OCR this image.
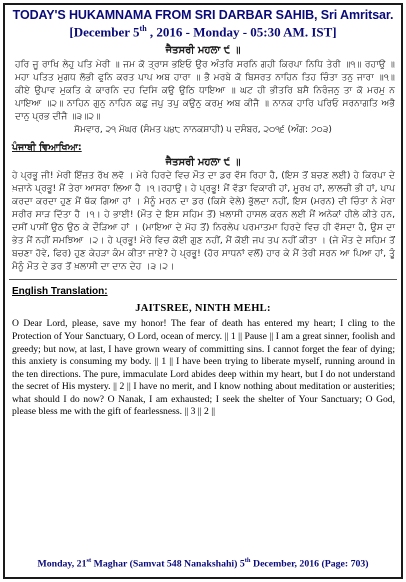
TODAY'S HUKAMNAMA FROM SRI DARBAR SAHIB, Sri Amritsar.
[December 5th , 2016 - Monday - 05:30 AM. IST]
ਜੈਤਸਰੀ ਮਹਲਾ ੯ ॥
ਹਰਿ ਜੂ ਰਾਖਿ ਲੇਹੁ ਪਤਿ ਮੇਰੀ ॥ ਜਮ ਕੋ ਤ੍ਰਾਸ ਭਇਓ ਉਰ ਅੰਤਰਿ ਸਰਨਿ ਗਹੀ ਕਿਰਪਾ ਨਿਧਿ ਤੇਰੀ ॥੧॥ ਰਹਾਉ ॥ ਮਹਾ ਪਤਿਤ ਮੁਗਧ ਲੋਭੀ ਫੁਨਿ ਕਰਤ ਪਾਪ ਅਬ ਹਾਰਾ ॥ ਭੈ ਮਰਬੇ ਕੋ ਬਿਸਰਤ ਨਾਹਿਨ ਤਿਹ ਚਿੰਤਾ ਤਨੁ ਜਾਰਾ ॥੧॥ ਕੀਏ ਉਪਾਵ ਮੁਕਤਿ ਕੇ ਕਾਰਨਿ ਦਹ ਦਿਸਿ ਕਉ ਉਠਿ ਧਾਇਆ ॥ ਘਟ ਹੀ ਭੀਤਰਿ ਬਸੈ ਨਿਰੰਜਨੁ ਤਾ ਕੋ ਮਰਮੁ ਨ ਪਾਇਆ ॥੨॥ ਨਾਹਿਨ ਗੁਨੁ ਨਾਹਿਨ ਕਛੁ ਜਪੁ ਤਪੁ ਕਉਨੁ ਕਰਮੁ ਅਬ ਕੀਜੈ ॥ ਨਾਨਕ ਹਾਰਿ ਪਰਿਓ ਸਰਨਾਗਤਿ ਅਭੈ ਦਾਨੁ ਪ੍ਰਭ ਦੀਜੈ ॥੩॥੨॥
ਸੋਮਵਾਰ, ੨੧ ਮੱਘਰ (ਸੰਮਤ ੫੪੮ ਨਾਨਕਸ਼ਾਹੀ) ੫ ਦਸੰਬਰ, ੨੦੧੬ (ਅੰਗ: ੭੦੩)
ਪੰਜਾਬੀ ਵਿਆਖਿਆ:
ਜੈਤਸਰੀ ਮਹਲਾ ੯ ॥
ਹੇ ਪ੍ਰਭੂ ਜੀ! ਮੇਰੀ ਇੱਜ਼ਤ ਰੱਖ ਲਵੋ । ਮੇਰੇ ਹਿਰਦੇ ਵਿਚ ਮੌਤ ਦਾ ਡਰ ਵੱਸ ਰਿਹਾ ਹੈ, (ਇਸ ਤੋਂ ਬਚਣ ਲਈ) ਹੇ ਕਿਰਪਾ ਦੇ ਖ਼ਜ਼ਾਨੇ ਪ੍ਰਭੂ! ਮੈਂ ਤੇਰਾ ਆਸਰਾ ਲਿਆ ਹੈ ।੧।ਰਹਾਉ। ਹੇ ਪ੍ਰਭੂ! ਮੈਂ ਵੱਡਾ ਵਿਕਾਰੀ ਹਾਂ, ਮੂਰਖ ਹਾਂ, ਲਾਲਚੀ ਭੀ ਹਾਂ, ਪਾਪ ਕਰਦਾ ਕਰਦਾ ਹੁਣ ਮੈਂ ਥੱਕ ਗਿਆ ਹਾਂ । ਮੈਨੂੰ ਮਰਨ ਦਾ ਡਰ (ਕਿਸੇ ਵੇਲੇ) ਭੁੱਲਦਾ ਨਹੀਂ, ਇਸ (ਮਰਨ) ਦੀ ਚਿੰਤਾ ਨੇ ਮੇਰਾ ਸਰੀਰ ਸਾੜ ਦਿੱਤਾ ਹੈ ।੧। ਹੇ ਭਾਈ! (ਮੌਤ ਦੇ ਇਸ ਸਹਿਮ ਤੋਂ) ਖ਼ਲਾਸੀ ਹਾਸਲ ਕਰਨ ਲਈ ਮੈਂ ਅਨੇਕਾਂ ਹੀਲੇ ਕੀਤੇ ਹਨ, ਦਸੀਂ ਪਾਸੀਂ ਉਠ ਉਠ ਕੇ ਦੌੜਿਆ ਹਾਂ । (ਮਾਇਆ ਦੇ ਮੋਹ ਤੋਂ) ਨਿਰਲੇਪ ਪਰਮਾਤਮਾ ਹਿਰਦੇ ਵਿਚ ਹੀ ਵੱਸਦਾ ਹੈ, ਉਸ ਦਾ ਭੇਤ ਮੈਂ ਨਹੀਂ ਸਮਝਿਆ ।੨। ਹੇ ਪ੍ਰਭੂ! ਮੇਰੇ ਵਿਚ ਕੋਈ ਗੁਣ ਨਹੀਂ, ਮੈਂ ਕੋਈ ਜਪ ਤਪ ਨਹੀਂ ਕੀਤਾ । (ਜੇ ਮੌਤ ਦੇ ਸਹਿਮ ਤੋਂ ਬਚਣਾ ਹੋਵੇ, ਫਿਰ) ਹੁਣ ਕੇਹੜਾ ਕੰਮ ਕੀਤਾ ਜਾਏ? ਹੇ ਪ੍ਰਭੂ! (ਹੋਰ ਸਾਧਨਾਂ ਵਲੋਂ) ਹਾਰ ਕੇ ਮੈਂ ਤੇਰੀ ਸਰਨ ਆ ਪਿਆ ਹਾਂ, ਤੂੰ ਮੈਨੂੰ ਮੌਤ ਦੇ ਡਰ ਤੋਂ ਖ਼ਲਾਸੀ ਦਾ ਦਾਨ ਦੇਹ ।੩।੨।
English Translation:
JAITSREE, NINTH MEHL:
O Dear Lord, please, save my honor! The fear of death has entered my heart; I cling to the Protection of Your Sanctuary, O Lord, ocean of mercy. || 1 || Pause || I am a great sinner, foolish and greedy; but now, at last, I have grown weary of committing sins. I cannot forget the fear of dying; this anxiety is consuming my body. || 1 || I have been trying to liberate myself, running around in the ten directions. The pure, immaculate Lord abides deep within my heart, but I do not understand the secret of His mystery. || 2 || I have no merit, and I know nothing about meditation or austerities; what should I do now? O Nanak, I am exhausted; I seek the shelter of Your Sanctuary; O God, please bless me with the gift of fearlessness. || 3 || 2 ||
Monday, 21st Maghar (Samvat 548 Nanakshahi) 5th December, 2016 (Page: 703)
